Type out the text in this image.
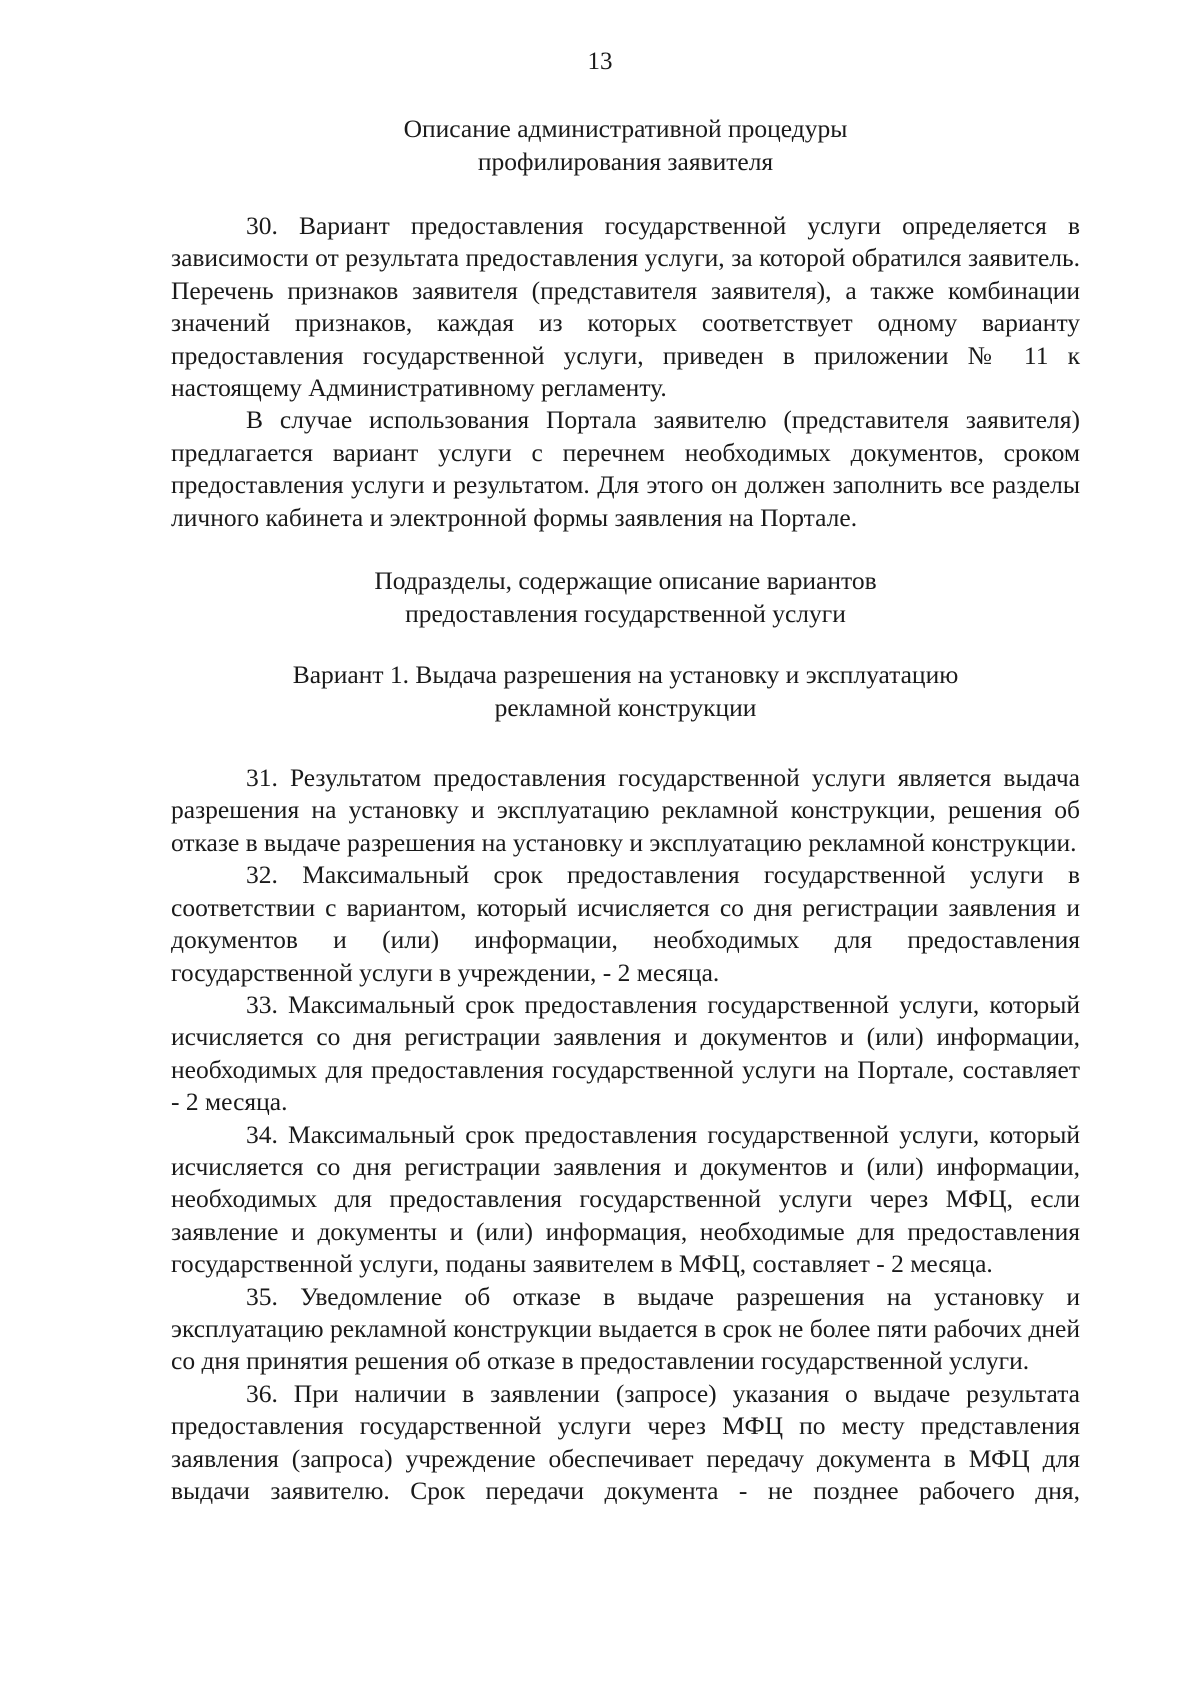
13
Описание административной процедуры
профилирования заявителя

30. Вариант предоставления государственной услуги определяется в зависимости от результата предоставления услуги, за которой обратился заявитель. Перечень признаков заявителя (представителя заявителя), а также комбинации значений признаков, каждая из которых соответствует одному варианту предоставления государственной услуги, приведен в приложении № 11 к настоящему Административному регламенту.

В случае использования Портала заявителю (представителя заявителя) предлагается вариант услуги с перечнем необходимых документов, сроком предоставления услуги и результатом. Для этого он должен заполнить все разделы личного кабинета и электронной формы заявления на Портале.

Подразделы, содержащие описание вариантов
предоставления государственной услуги
Вариант 1. Выдача разрешения на установку и эксплуатацию
рекламной конструкции

31. Результатом предоставления государственной услуги является выдача разрешения на установку и эксплуатацию рекламной конструкции, решения об отказе в выдаче разрешения на установку и эксплуатацию рекламной конструкции.

32. Максимальный срок предоставления государственной услуги в соответствии с вариантом, который исчисляется со дня регистрации заявления и документов и (или) информации, необходимых для предоставления государственной услуги в учреждении, - 2 месяца.

33. Максимальный срок предоставления государственной услуги, который исчисляется со дня регистрации заявления и документов и (или) информации, необходимых для предоставления государственной услуги на Портале, составляет - 2 месяца.

34. Максимальный срок предоставления государственной услуги, который исчисляется со дня регистрации заявления и документов и (или) информации, необходимых для предоставления государственной услуги через МФЦ, если заявление и документы и (или) информация, необходимые для предоставления государственной услуги, поданы заявителем в МФЦ, составляет - 2 месяца.

35. Уведомление об отказе в выдаче разрешения на установку и эксплуатацию рекламной конструкции выдается в срок не более пяти рабочих дней со дня принятия решения об отказе в предоставлении государственной услуги.

36. При наличии в заявлении (запросе) указания о выдаче результата предоставления государственной услуги через МФЦ по месту представления заявления (запроса) учреждение обеспечивает передачу документа в МФЦ для выдачи заявителю. Срок передачи документа - не позднее рабочего дня,
